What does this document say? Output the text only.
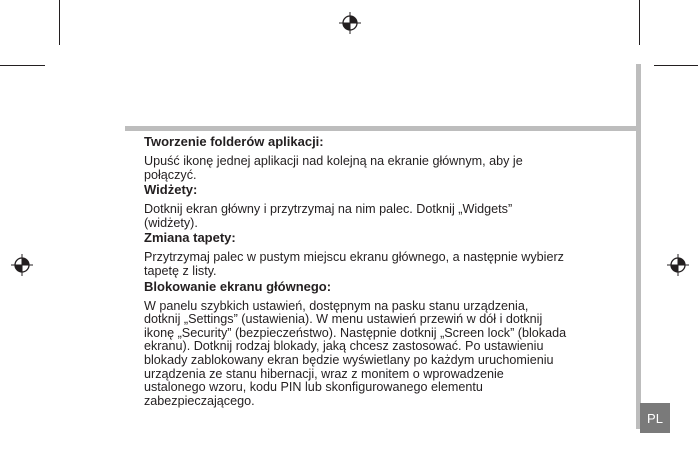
PL

Tworzenie folderów aplikacji:

Upuść ikonę jednej aplikacji nad kolejną na ekranie głównym, aby je
połączyć.

Widżety:

Dotknij ekran główny i przytrzymaj na nim palec. Dotknij „Widgets”
(widżety).

Zmiana tapety:

Przytrzymaj palec w pustym miejscu ekranu głównego, a następnie wybierz
tapetę z listy.

Blokowanie ekranu głównego:

W panelu szybkich ustawień, dostępnym na pasku stanu urządzenia,
dotknij „Settings” (ustawienia). W menu ustawień przewiń w dół i dotknij
ikonę „Security” (bezpieczeństwo). Następnie dotknij „Screen lock” (blokada
ekranu). Dotknij rodzaj blokady, jaką chcesz zastosować. Po ustawieniu
blokady zablokowany ekran będzie wyświetlany po każdym uruchomieniu
urządzenia ze stanu hibernacji, wraz z monitem o wprowadzenie
ustalonego wzoru, kodu PIN lub skonfigurowanego elementu
zabezpieczającego.
